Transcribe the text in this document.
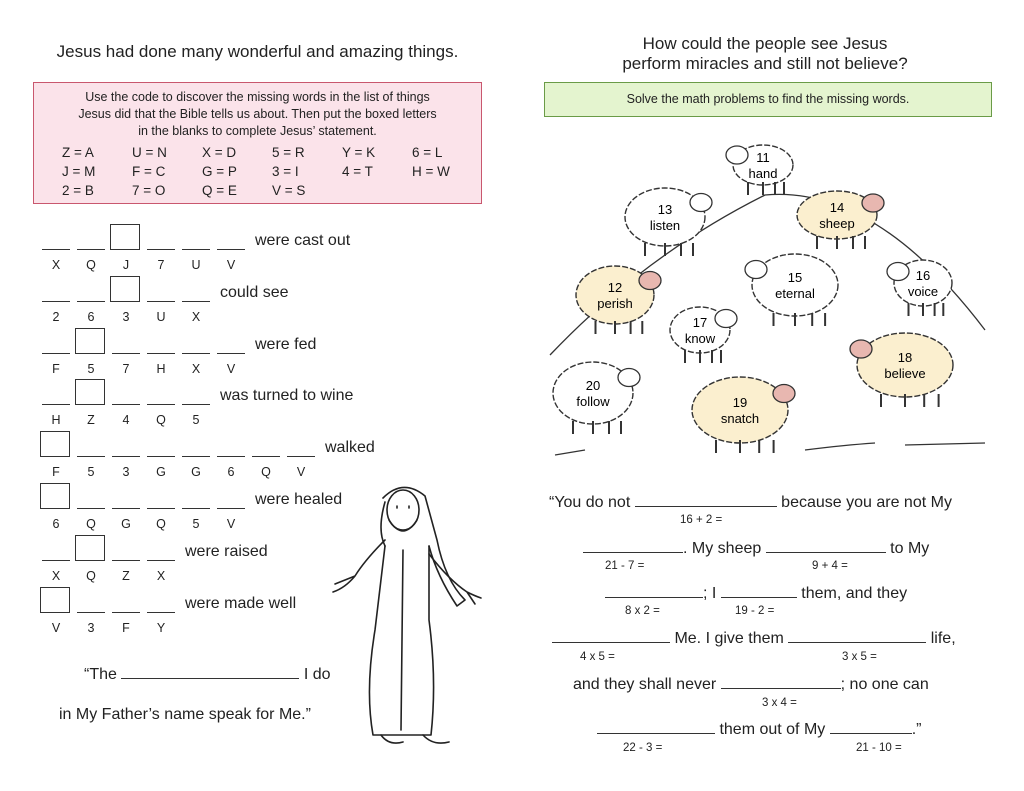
Jesus had done many wonderful and amazing things.
Use the code to discover the missing words in the list of things
Jesus did that the Bible tells us about. Then put the boxed letters
in the blanks to complete Jesus’ statement.
Z = A	U = N	X = D	5 = R	Y = K	6 = L
J = M	F = C	G = P	3 = I	4 = T	H = W
2 = B	7 = O	Q = E	V = S
X	Q	J	7	U	V
were cast out
2	6	3	U	X
could see
F	5	7	H	X	V
were fed
H	Z	4	Q	5
was turned to wine
F	5	3	G	G	6	Q	V
walked
6	Q	G	Q	5	V
were healed
X	Q	Z	X
were raised
V	3	F	Y
were made well
“The	I do
in My Father’s name speak for Me.”
How could the people see Jesus
perform miracles and still not believe?
Solve the math problems to find the missing words.
11
hand
13
listen
14
sheep
12
perish
15
eternal
16
voice
17
know
18
believe
20
follow	19
snatch
“You do not	because you are not My
16 + 2 =
. My sheep	to My
21 - 7 =	9 + 4 =
; I	them, and they
8 x 2 =	19 - 2 =
Me. I give them	life,
4 x 5 =	3 x 5 =
and they shall never	; no one can
3 x 4 =
them out of My	.”
22 - 3 =	21 - 10 =
